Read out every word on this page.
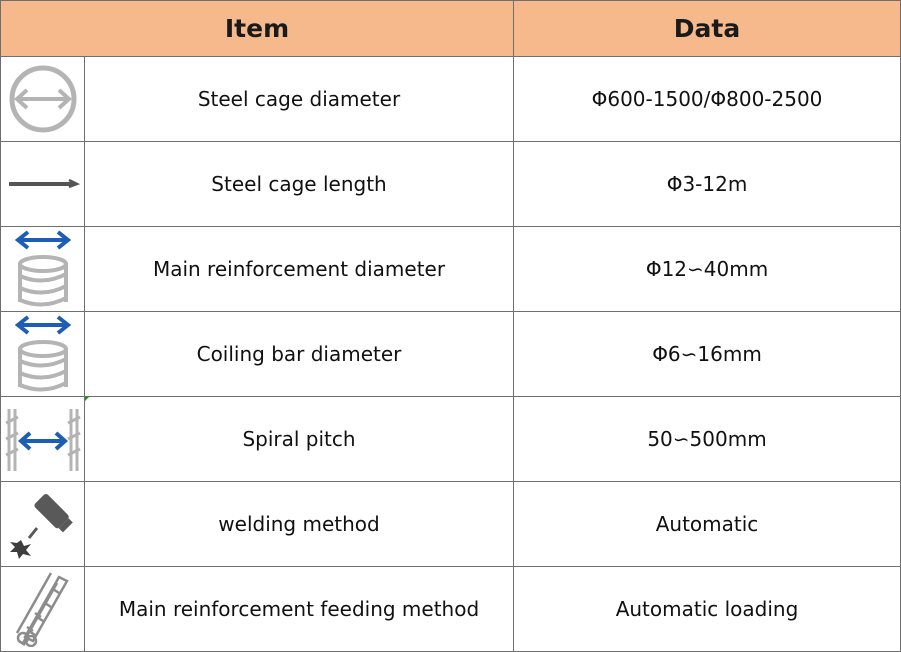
Item		Data

	Steel cage diameter	Φ600-1500/Φ800-2500

	Steel cage length	Φ3-12m

	Main reinforcement diameter	Φ12∽40mm

	Coiling bar diameter	Φ6∽16mm

	Spiral pitch	50∽500mm

	welding method	Automatic

	Main reinforcement feeding method	Automatic loading
